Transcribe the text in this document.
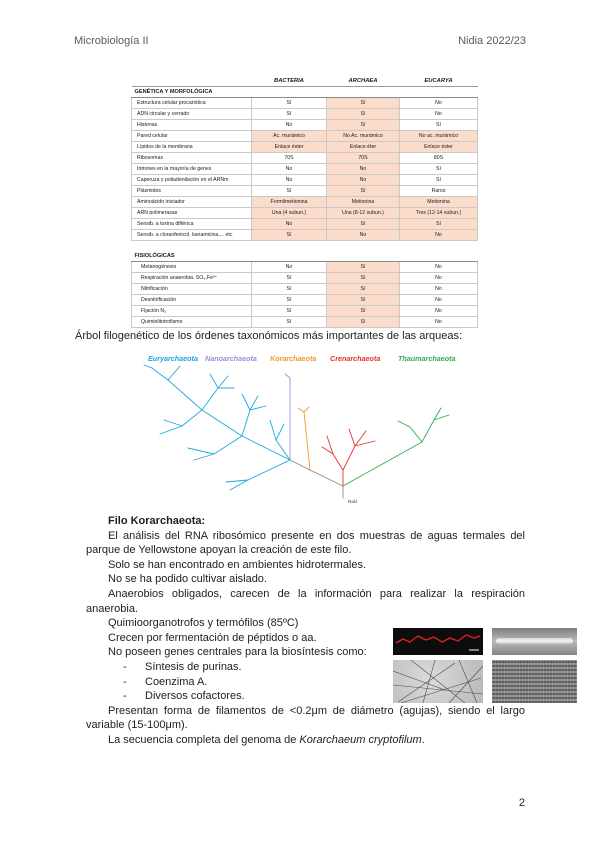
Microbiología II	Nidia 2022/23
	BACTERIA	ARCHAEA	EUCARYA
GENÉTICA Y MORFOLÓGICA			
Estructura celular procariótica	Sí	Sí	No
ADN circular y cerrado	Sí	Sí	No
Histonas	No	Sí	Sí
Pared celular	Ac. murámico	No Ac. murámico	No ac. murámico
Lípidos de la membrana	Enlace éster	Enlace éter	Enlace éster
Ribosomas	70S	70S	80S
Intrones en la mayoría de genes	No	No	Sí
Caperuza y poliadenilación en el ARNm	No	No	Sí
Plásmidos	Sí	Sí	Raros
Aminoácido iniciador	Formilmetionina	Metionina	Metionina
ARN polimerasas	Una (4 subun.)	Una (8-12 subun.)	Tres (12-14 subun.)
Sensib. a toxina diftérica	No	Sí	Sí
Sensib. a cloranfenicol, kanamicina,... etc	Sí	No	No

FISIOLÓGICAS			
Metanogénesis	No	Sí	No
Respiración anaerobia. SO₄,Fe³⁺	Sí	Sí	No
Nitrificación	Sí	Sí	No
Desnitrificación	Sí	Sí	No
Fijación N₂	Sí	Sí	No
Quimiolitotrofismo	Sí	Sí	No
Árbol filogenético de los órdenes taxonómicos más importantes de las arqueas:
Euryarchaeota Nanoarchaeota Korarchaeota Crenarchaeota Thaumarchaeota
Raíz

Filo Korarchaeota:

El análisis del RNA ribosómico presente en dos muestras de aguas termales del parque de Yellowstone apoyan la creación de este filo.

Solo se han encontrado en ambientes hidrotermales.

No se ha podido cultivar aislado.

Anaerobios obligados, carecen de la información para realizar la respiración anaerobia.

Quimioorganotrofos y termófilos (85ºC)

Crecen por fermentación de péptidos o aa.

No poseen genes centrales para la biosíntesis como:

-	Síntesis de purinas.
-	Coenzima A.
-	Diversos cofactores.

Presentan forma de filamentos de <0.2μm de diámetro (agujas), siendo el largo variable (15-100μm).

La secuencia completa del genoma de Korarchaeum cryptofilum.

2
